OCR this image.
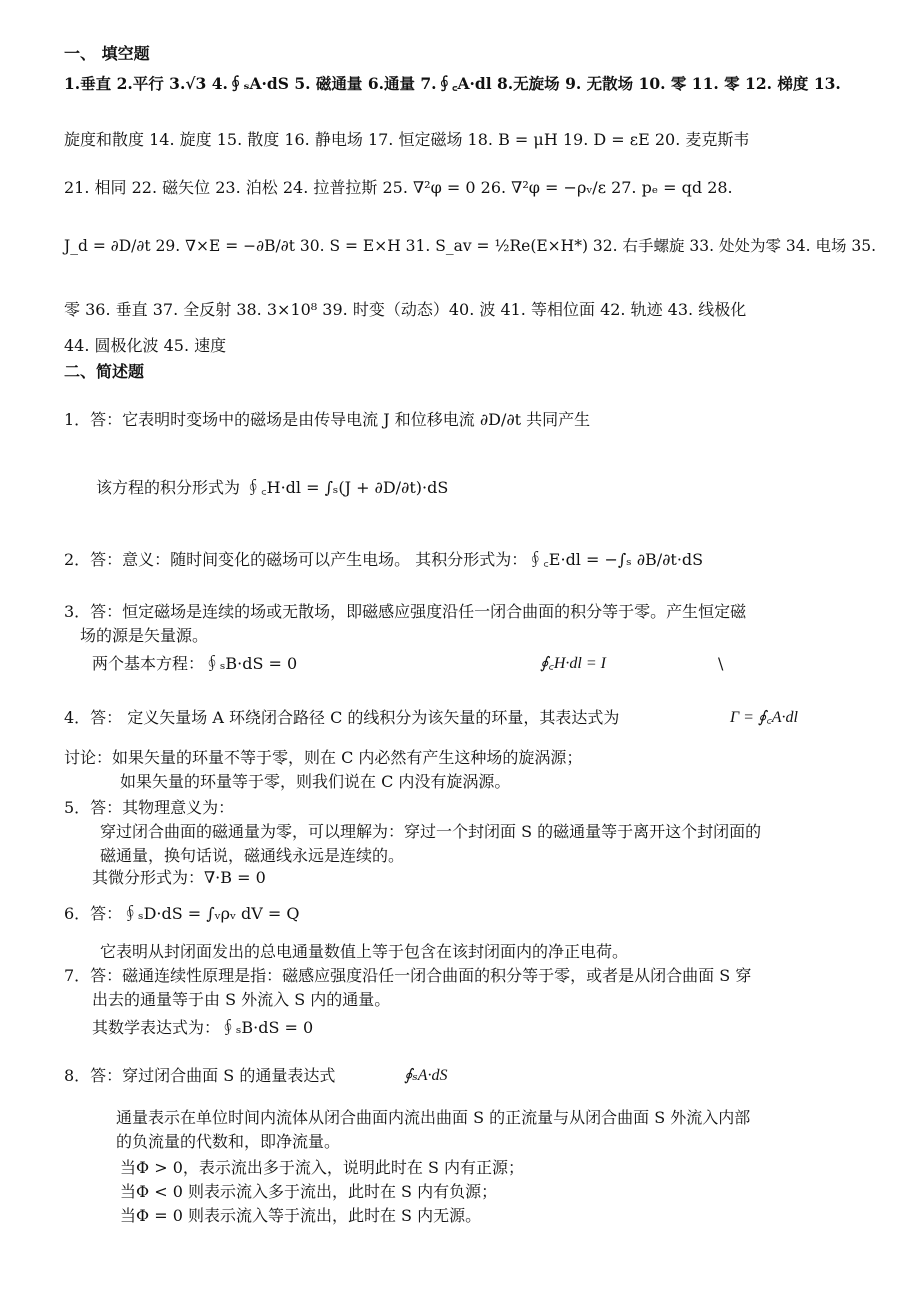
一、 填空题
1.垂直 2.平行 3.√3 4.∮ₛA·dS 5. 磁通量 6.通量 7.∮꜀A·dl 8.无旋场 9. 无散场 10. 零 11. 零 12. 梯度 13.
旋度和散度 14. 旋度 15. 散度 16. 静电场 17. 恒定磁场 18. B = μH 19. D = εE 20. 麦克斯韦
21. 相同 22. 磁矢位 23. 泊松 24. 拉普拉斯 25. ∇²φ = 0 26. ∇²φ = −ρᵥ/ε 27. pₑ = qd 28.
J_d = ∂D/∂t 29. ∇×E = −∂B/∂t 30. S = E×H 31. S_av = ½Re(E×H*) 32. 右手螺旋 33. 处处为零 34. 电场 35.
零 36. 垂直 37. 全反射 38. 3×10⁸ 39. 时变（动态）40. 波 41. 等相位面 42. 轨迹 43. 线极化
44. 圆极化波 45. 速度
二、简述题
1．答：它表明时变场中的磁场是由传导电流 J 和位移电流 ∂D/∂t 共同产生
该方程的积分形式为 ∮꜀H·dl = ∫ₛ(J + ∂D/∂t)·dS
2．答：意义：随时间变化的磁场可以产生电场。 其积分形式为：∮꜀E·dl = −∫ₛ ∂B/∂t·dS
3．答：恒定磁场是连续的场或无散场，即磁感应强度沿任一闭合曲面的积分等于零。产生恒定磁
场的源是矢量源。
两个基本方程：∮ₛB·dS = 0	∮꜀H·dl = I	\
4．答： 定义矢量场 A 环绕闭合路径 C 的线积分为该矢量的环量，其表达式为	Γ = ∮꜀A·dl
讨论：如果矢量的环量不等于零，则在 C 内必然有产生这种场的旋涡源；
如果矢量的环量等于零，则我们说在 C 内没有旋涡源。
5．答：其物理意义为：
穿过闭合曲面的磁通量为零，可以理解为：穿过一个封闭面 S 的磁通量等于离开这个封闭面的
磁通量，换句话说，磁通线永远是连续的。
其微分形式为：∇·B = 0
6．答：∮ₛD·dS = ∫ᵥρᵥ dV = Q
它表明从封闭面发出的总电通量数值上等于包含在该封闭面内的净正电荷。
7．答：磁通连续性原理是指：磁感应强度沿任一闭合曲面的积分等于零，或者是从闭合曲面 S 穿
出去的通量等于由 S 外流入 S 内的通量。
其数学表达式为：∮ₛB·dS = 0
8．答：穿过闭合曲面 S 的通量表达式	∮ₛA·dS
通量表示在单位时间内流体从闭合曲面内流出曲面 S 的正流量与从闭合曲面 S 外流入内部
的负流量的代数和，即净流量。
当Φ > 0，表示流出多于流入，说明此时在 S 内有正源；
当Φ < 0 则表示流入多于流出，此时在 S 内有负源；
当Φ = 0 则表示流入等于流出，此时在 S 内无源。
